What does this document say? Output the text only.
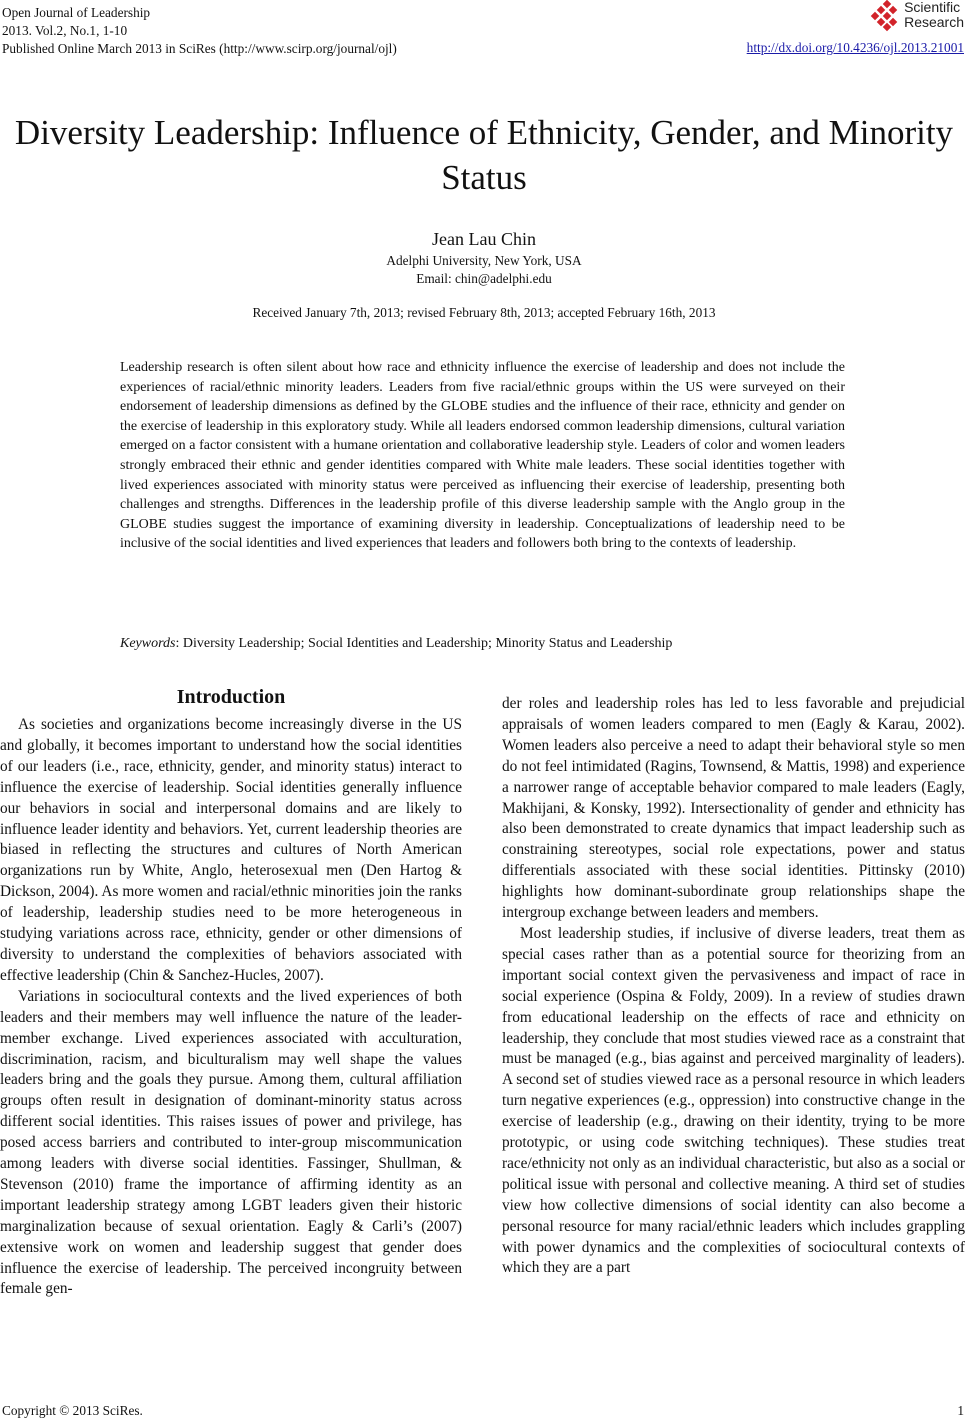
Open Journal of Leadership
2013. Vol.2, No.1, 1-10
Published Online March 2013 in SciRes (http://www.scirp.org/journal/ojl)
Scientific
Research
http://dx.doi.org/10.4236/ojl.2013.21001
Diversity Leadership: Influence of Ethnicity, Gender, and Minority Status
Jean Lau Chin
Adelphi University, New York, USA
Email: chin@adelphi.edu
Received January 7th, 2013; revised February 8th, 2013; accepted February 16th, 2013
Leadership research is often silent about how race and ethnicity influence the exercise of leadership and does not include the experiences of racial/ethnic minority leaders. Leaders from five racial/ethnic groups within the US were surveyed on their endorsement of leadership dimensions as defined by the GLOBE studies and the influence of their race, ethnicity and gender on the exercise of leadership in this exploratory study. While all leaders endorsed common leadership dimensions, cultural variation emerged on a factor consistent with a humane orientation and collaborative leadership style. Leaders of color and women leaders strongly embraced their ethnic and gender identities compared with White male leaders. These social identities together with lived experiences associated with minority status were perceived as influencing their exercise of leadership, presenting both challenges and strengths. Differences in the leadership profile of this diverse leadership sample with the Anglo group in the GLOBE studies suggest the importance of examining diversity in leadership. Conceptualizations of leadership need to be inclusive of the social identities and lived experiences that leaders and followers both bring to the contexts of leadership.
Keywords: Diversity Leadership; Social Identities and Leadership; Minority Status and Leadership
Introduction

As societies and organizations become increasingly diverse in the US and globally, it becomes important to understand how the social identities of our leaders (i.e., race, ethnicity, gender, and minority status) interact to influence the exercise of leadership. Social identities generally influence our behaviors in social and interpersonal domains and are likely to influence leader identity and behaviors. Yet, current leadership theories are biased in reflecting the structures and cultures of North American organizations run by White, Anglo, heterosexual men (Den Hartog & Dickson, 2004). As more women and racial/ethnic minorities join the ranks of leadership, leadership studies need to be more heterogeneous in studying variations across race, ethnicity, gender or other dimensions of diversity to understand the complexities of behaviors associated with effective leadership (Chin & Sanchez-Hucles, 2007).

Variations in sociocultural contexts and the lived experiences of both leaders and their members may well influence the nature of the leader-member exchange. Lived experiences associated with acculturation, discrimination, racism, and biculturalism may well shape the values leaders bring and the goals they pursue. Among them, cultural affiliation groups often result in designation of dominant-minority status across different social identities. This raises issues of power and privilege, has posed access barriers and contributed to inter-group miscommunication among leaders with diverse social identities. Fassinger, Shullman, & Stevenson (2010) frame the importance of affirming identity as an important leadership strategy among LGBT leaders given their historic marginalization because of sexual orientation. Eagly & Carli’s (2007) extensive work on women and leadership suggest that gender does influence the exercise of leadership. The perceived incongruity between female gen-

der roles and leadership roles has led to less favorable and prejudicial appraisals of women leaders compared to men (Eagly & Karau, 2002). Women leaders also perceive a need to adapt their behavioral style so men do not feel intimidated (Ragins, Townsend, & Mattis, 1998) and experience a narrower range of acceptable behavior compared to male leaders (Eagly, Makhijani, & Konsky, 1992). Intersectionality of gender and ethnicity has also been demonstrated to create dynamics that impact leadership such as constraining stereotypes, social role expectations, power and status differentials associated with these social identities. Pittinsky (2010) highlights how dominant-subordinate group relationships shape the intergroup exchange between leaders and members.

Most leadership studies, if inclusive of diverse leaders, treat them as special cases rather than as a potential source for theorizing from an important social context given the pervasiveness and impact of race in social experience (Ospina & Foldy, 2009). In a review of studies drawn from educational leadership on the effects of race and ethnicity on leadership, they conclude that most studies viewed race as a constraint that must be managed (e.g., bias against and perceived marginality of leaders). A second set of studies viewed race as a personal resource in which leaders turn negative experiences (e.g., oppression) into constructive change in the exercise of leadership (e.g., drawing on their identity, trying to be more prototypic, or using code switching techniques). These studies treat race/ethnicity not only as an individual characteristic, but also as a social or political issue with personal and collective meaning. A third set of studies view how collective dimensions of social identity can also become a personal resource for many racial/ethnic leaders which includes grappling with power dynamics and the complexities of sociocultural contexts of which they are a part

Copyright © 2013 SciRes.	1
